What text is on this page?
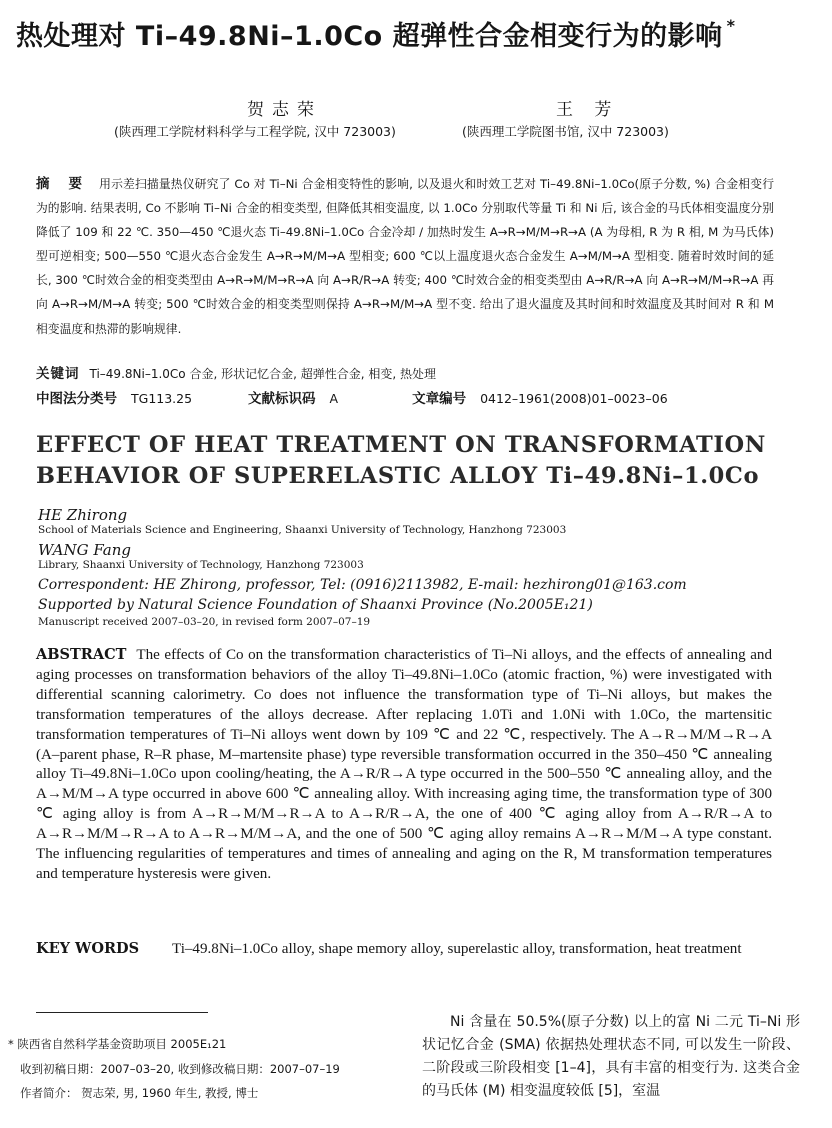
热处理对 Ti–49.8Ni–1.0Co 超弹性合金相变行为的影响 *
贺志荣	王 芳
(陕西理工学院材料科学与工程学院, 汉中 723003)	(陕西理工学院图书馆, 汉中 723003)
摘 要 用示差扫描量热仪研究了 Co 对 Ti–Ni 合金相变特性的影响, 以及退火和时效工艺对 Ti–49.8Ni–1.0Co(原子分数, %) 合金相变行为的影响. 结果表明, Co 不影响 Ti–Ni 合金的相变类型, 但降低其相变温度, 以 1.0Co 分别取代等量 Ti 和 Ni 后, 该合金的马氏体相变温度分别降低了 109 和 22 ℃. 350—450 ℃退火态 Ti–49.8Ni–1.0Co 合金冷却 / 加热时发生 A→R→M/M→R→A (A 为母相, R 为 R 相, M 为马氏体) 型可逆相变; 500—550 ℃退火态合金发生 A→R→M/M→A 型相变; 600 ℃以上温度退火态合金发生 A→M/M→A 型相变. 随着时效时间的延长, 300 ℃时效合金的相变类型由 A→R→M/M→R→A 向 A→R/R→A 转变; 400 ℃时效合金的相变类型由 A→R/R→A 向 A→R→M/M→R→A 再向 A→R→M/M→A 转变; 500 ℃时效合金的相变类型则保持 A→R→M/M→A 型不变. 给出了退火温度及其时间和时效温度及其时间对 R 和 M 相变温度和热滞的影响规律.
关键词 Ti–49.8Ni–1.0Co 合金, 形状记忆合金, 超弹性合金, 相变, 热处理
中图法分类号 TG113.25	文献标识码 A	文章编号 0412–1961(2008)01–0023–06
EFFECT OF HEAT TREATMENT ON TRANSFORMATION BEHAVIOR OF SUPERELASTIC ALLOY Ti–49.8Ni–1.0Co
HE Zhirong
School of Materials Science and Engineering, Shaanxi University of Technology, Hanzhong 723003
WANG Fang
Library, Shaanxi University of Technology, Hanzhong 723003
Correspondent: HE Zhirong, professor, Tel: (0916)2113982, E-mail: hezhirong01@163.com
Supported by Natural Science Foundation of Shaanxi Province (No.2005E₁21)
Manuscript received 2007–03–20, in revised form 2007–07–19
ABSTRACT The effects of Co on the transformation characteristics of Ti–Ni alloys, and the effects of annealing and aging processes on transformation behaviors of the alloy Ti–49.8Ni–1.0Co (atomic fraction, %) were investigated with differential scanning calorimetry. Co does not influence the transformation type of Ti–Ni alloys, but makes the transformation temperatures of the alloys decrease. After replacing 1.0Ti and 1.0Ni with 1.0Co, the martensitic transformation temperatures of Ti–Ni alloys went down by 109 ℃ and 22 ℃, respectively. The A→R→M/M→R→A (A–parent phase, R–R phase, M–martensite phase) type reversible transformation occurred in the 350–450 ℃ annealing alloy Ti–49.8Ni–1.0Co upon cooling/heating, the A→R/R→A type occurred in the 500–550 ℃ annealing alloy, and the A→M/M→A type occurred in above 600 ℃ annealing alloy. With increasing aging time, the transformation type of 300 ℃ aging alloy is from A→R→M/M→R→A to A→R/R→A, the one of 400 ℃ aging alloy from A→R/R→A to A→R→M/M→R→A to A→R→M/M→A, and the one of 500 ℃ aging alloy remains A→R→M/M→A type constant. The influencing regularities of temperatures and times of annealing and aging on the R, M transformation temperatures and temperature hysteresis were given.
KEY WORDS Ti–49.8Ni–1.0Co alloy, shape memory alloy, superelastic alloy, transformation, heat treatment
* 陕西省自然科学基金资助项目 2005E₁21
收到初稿日期：2007–03–20, 收到修改稿日期：2007–07–19
作者简介： 贺志荣, 男, 1960 年生, 教授, 博士
Ni 含量在 50.5%(原子分数) 以上的富 Ni 二元 Ti–Ni 形状记忆合金 (SMA) 依据热处理状态不同, 可以发生一阶段、二阶段或三阶段相变 [1–4]，具有丰富的相变行为. 这类合金的马氏体 (M) 相变温度较低 [5]，室温
